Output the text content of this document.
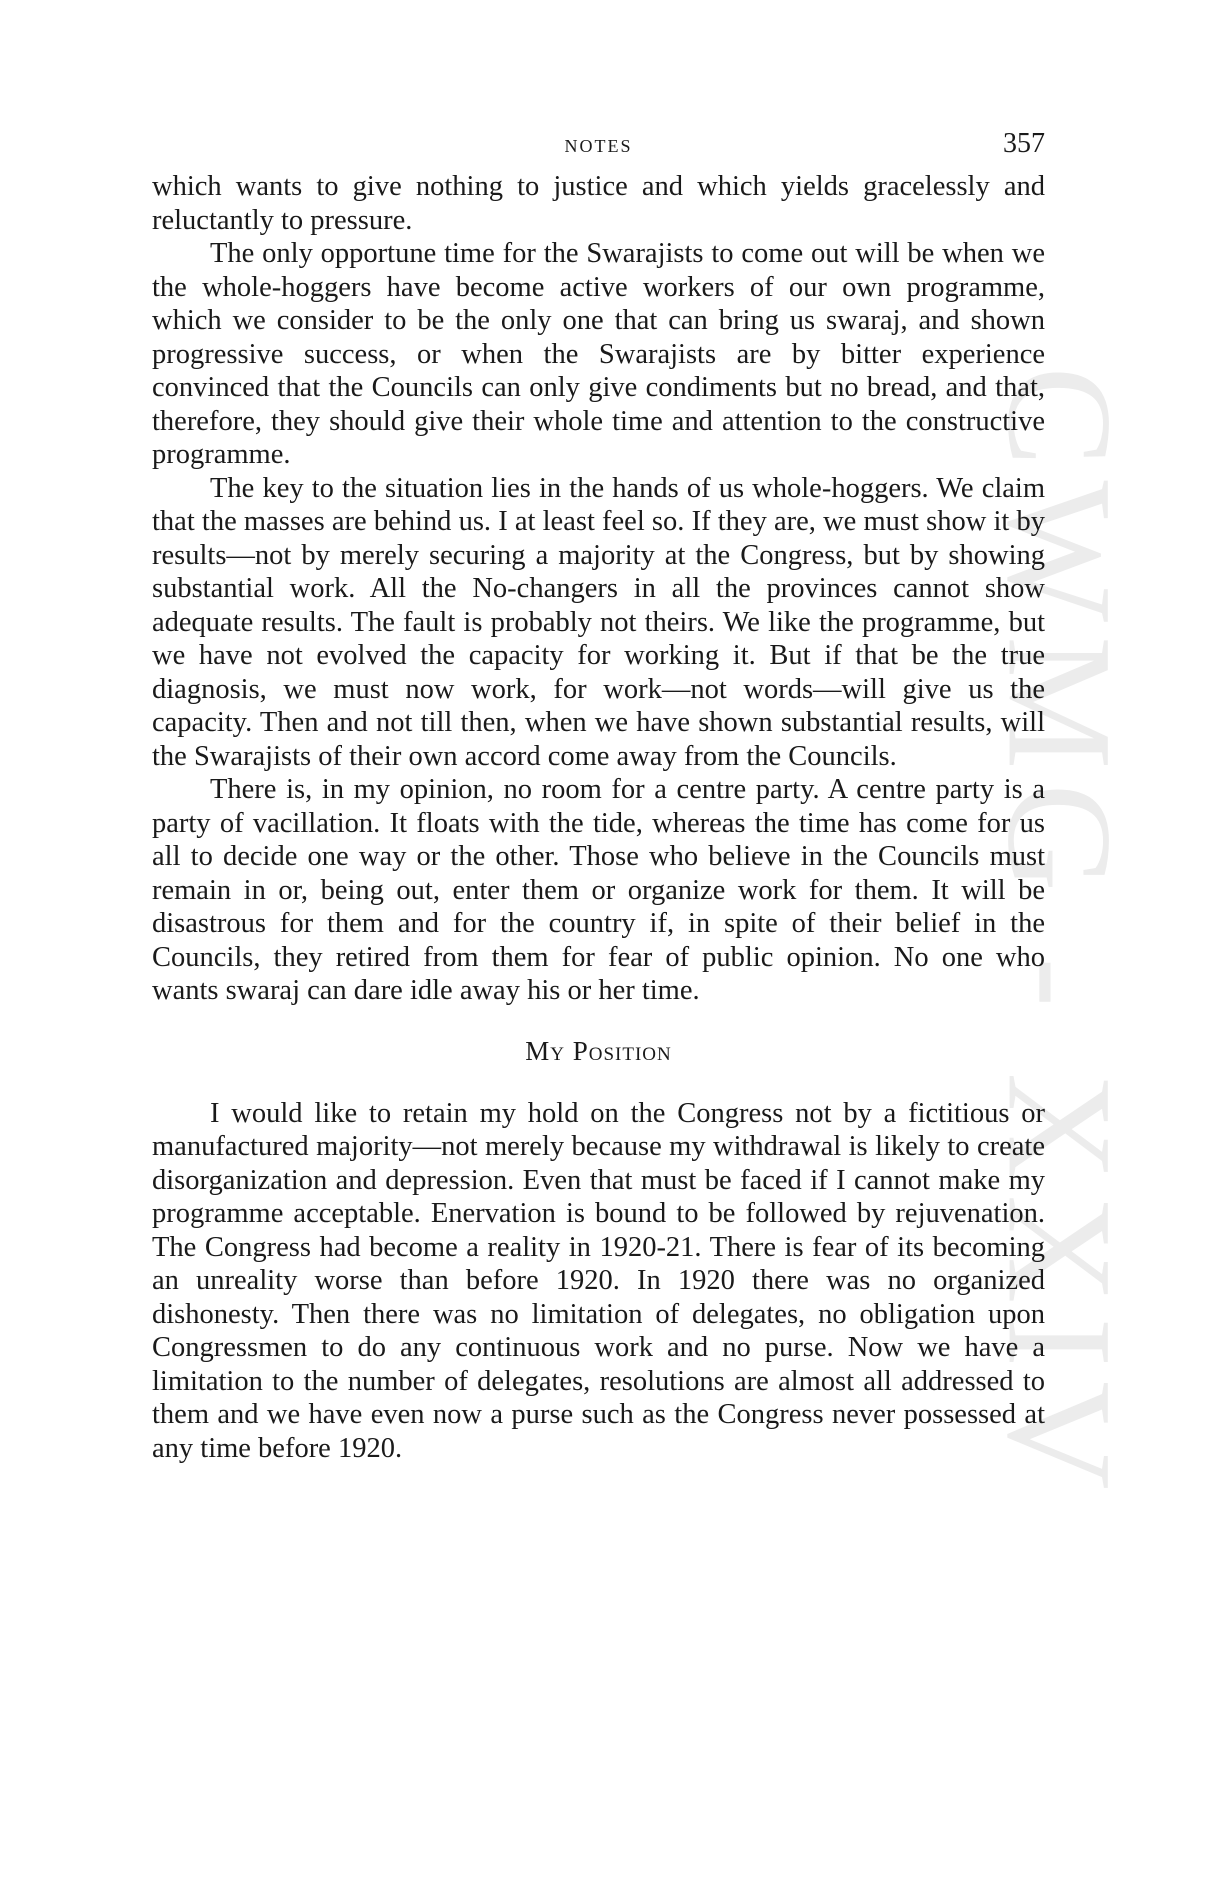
CWMG - XXIV
NOTES	357

which wants to give nothing to justice and which yields gracelessly and reluctantly to pressure.

The only opportune time for the Swarajists to come out will be when we the whole-hoggers have become active workers of our own programme, which we consider to be the only one that can bring us swaraj, and shown progressive success, or when the Swarajists are by bitter experience convinced that the Councils can only give condiments but no bread, and that, therefore, they should give their whole time and attention to the constructive programme.

The key to the situation lies in the hands of us whole-hoggers. We claim that the masses are behind us. I at least feel so. If they are, we must show it by results—not by merely securing a majority at the Congress, but by showing substantial work. All the No-changers in all the provinces cannot show adequate results. The fault is probably not theirs. We like the programme, but we have not evolved the capacity for working it. But if that be the true diagnosis, we must now work, for work—not words—will give us the capacity. Then and not till then, when we have shown substantial results, will the Swarajists of their own accord come away from the Councils.

There is, in my opinion, no room for a centre party. A centre party is a party of vacillation. It floats with the tide, whereas the time has come for us all to decide one way or the other. Those who believe in the Councils must remain in or, being out, enter them or organize work for them. It will be disastrous for them and for the country if, in spite of their belief in the Councils, they retired from them for fear of public opinion. No one who wants swaraj can dare idle away his or her time.

My Position

I would like to retain my hold on the Congress not by a fictitious or manufactured majority—not merely because my withdrawal is likely to create disorganization and depression. Even that must be faced if I cannot make my programme acceptable. Enervation is bound to be followed by rejuvenation. The Congress had become a reality in 1920-21. There is fear of its becoming an unreality worse than before 1920. In 1920 there was no organized dishonesty. Then there was no limitation of delegates, no obligation upon Congressmen to do any continuous work and no purse. Now we have a limitation to the number of delegates, resolutions are almost all addressed to them and we have even now a purse such as the Congress never possessed at any time before 1920.
